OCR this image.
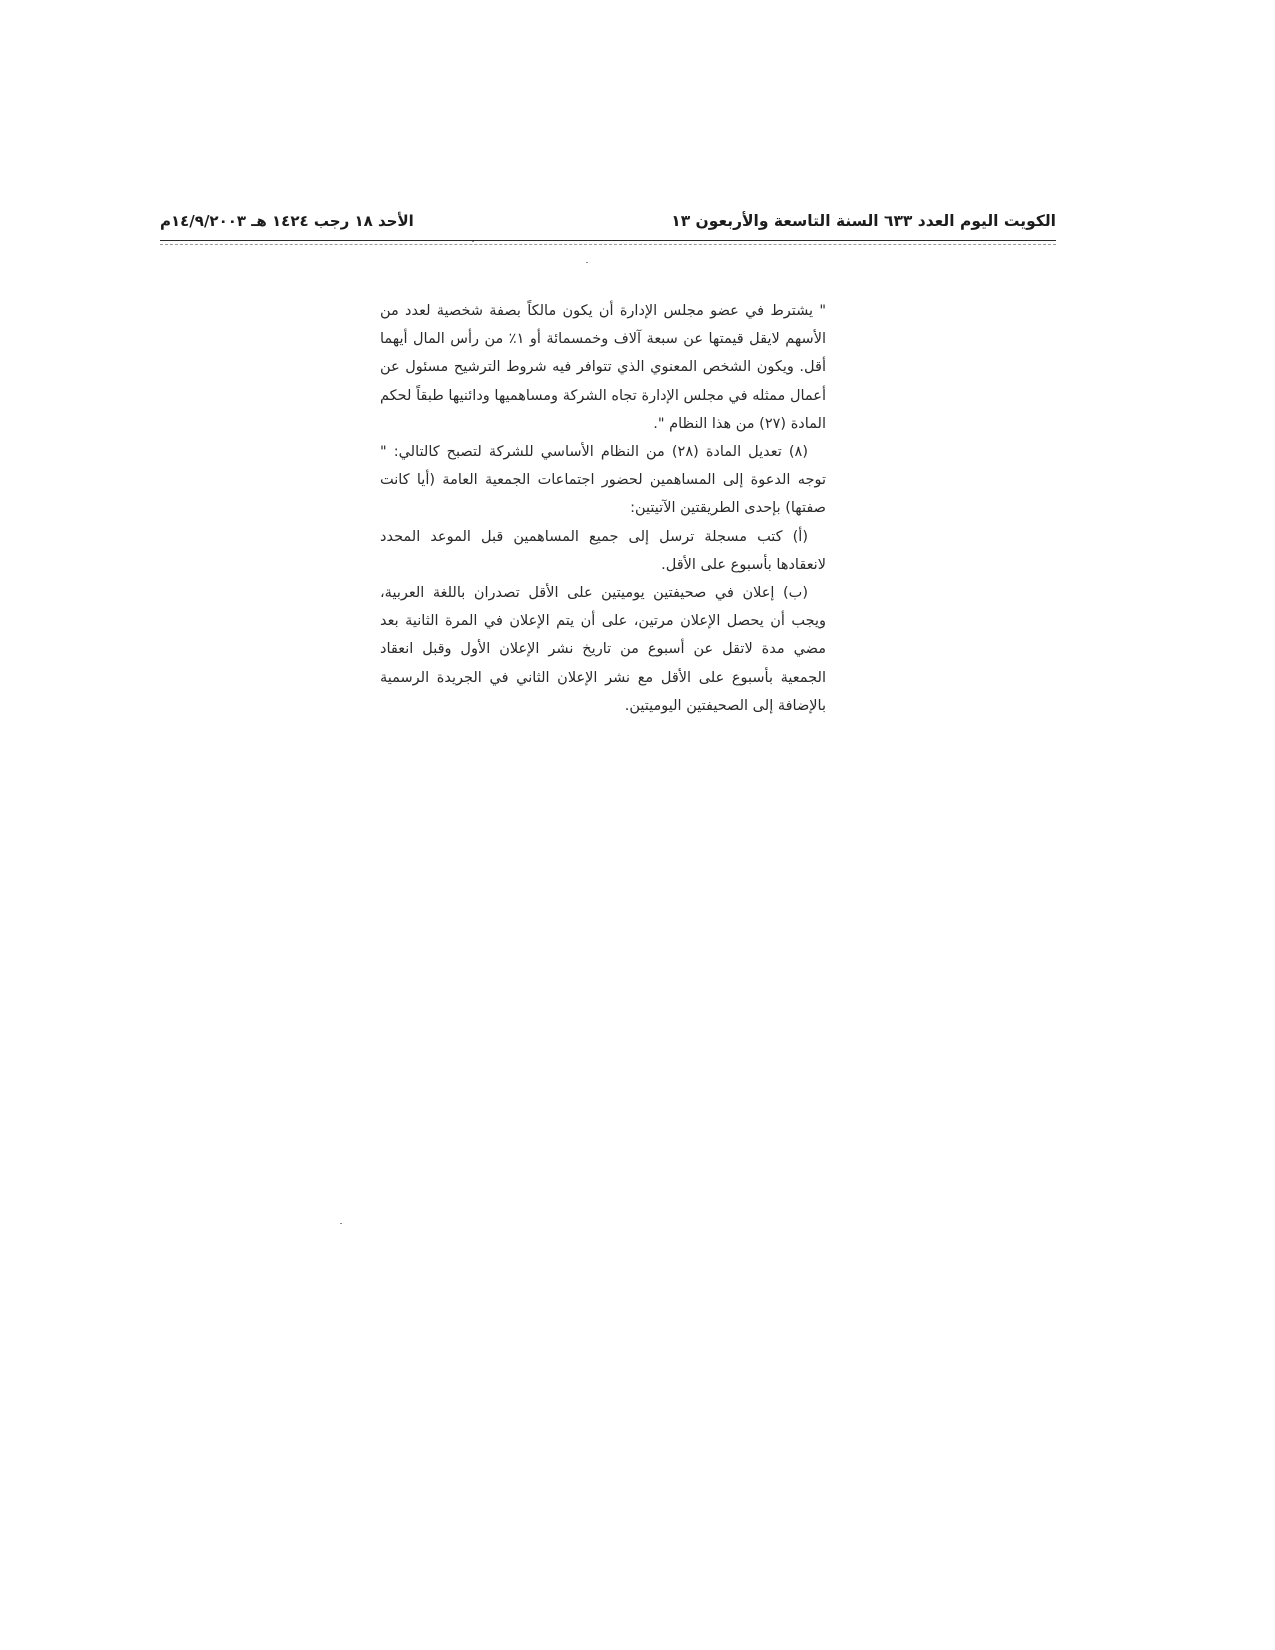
الكويت اليوم العدد ٦٣٣ السنة التاسعة والأربعون ١٣
الأحد ١٨ رجب ١٤٢٤ هـ ١٤/٩/٢٠٠٣م

" يشترط في عضو مجلس الإدارة أن يكون مالكاً بصفة شخصية لعدد من الأسهم لايقل قيمتها عن سبعة آلاف وخمسمائة أو ١٪ من رأس المال أيهما أقل. ويكون الشخص المعنوي الذي تتوافر فيه شروط الترشيح مسئول عن أعمال ممثله في مجلس الإدارة تجاه الشركة ومساهميها ودائنيها طبقاً لحكم المادة (٢٧) من هذا النظام ".

(٨) تعديل المادة (٢٨) من النظام الأساسي للشركة لتصبح كالتالي: " توجه الدعوة إلى المساهمين لحضور اجتماعات الجمعية العامة (أيا كانت صفتها) بإحدى الطريقتين الآتيتين:

(أ) كتب مسجلة ترسل إلى جميع المساهمين قبل الموعد المحدد لانعقادها بأسبوع على الأقل.

(ب) إعلان في صحيفتين يوميتين على الأقل تصدران باللغة العربية، ويجب أن يحصل الإعلان مرتين، على أن يتم الإعلان في المرة الثانية بعد مضي مدة لاتقل عن أسبوع من تاريخ نشر الإعلان الأول وقبل انعقاد الجمعية بأسبوع على الأقل مع نشر الإعلان الثاني في الجريدة الرسمية بالإضافة إلى الصحيفتين اليوميتين.
